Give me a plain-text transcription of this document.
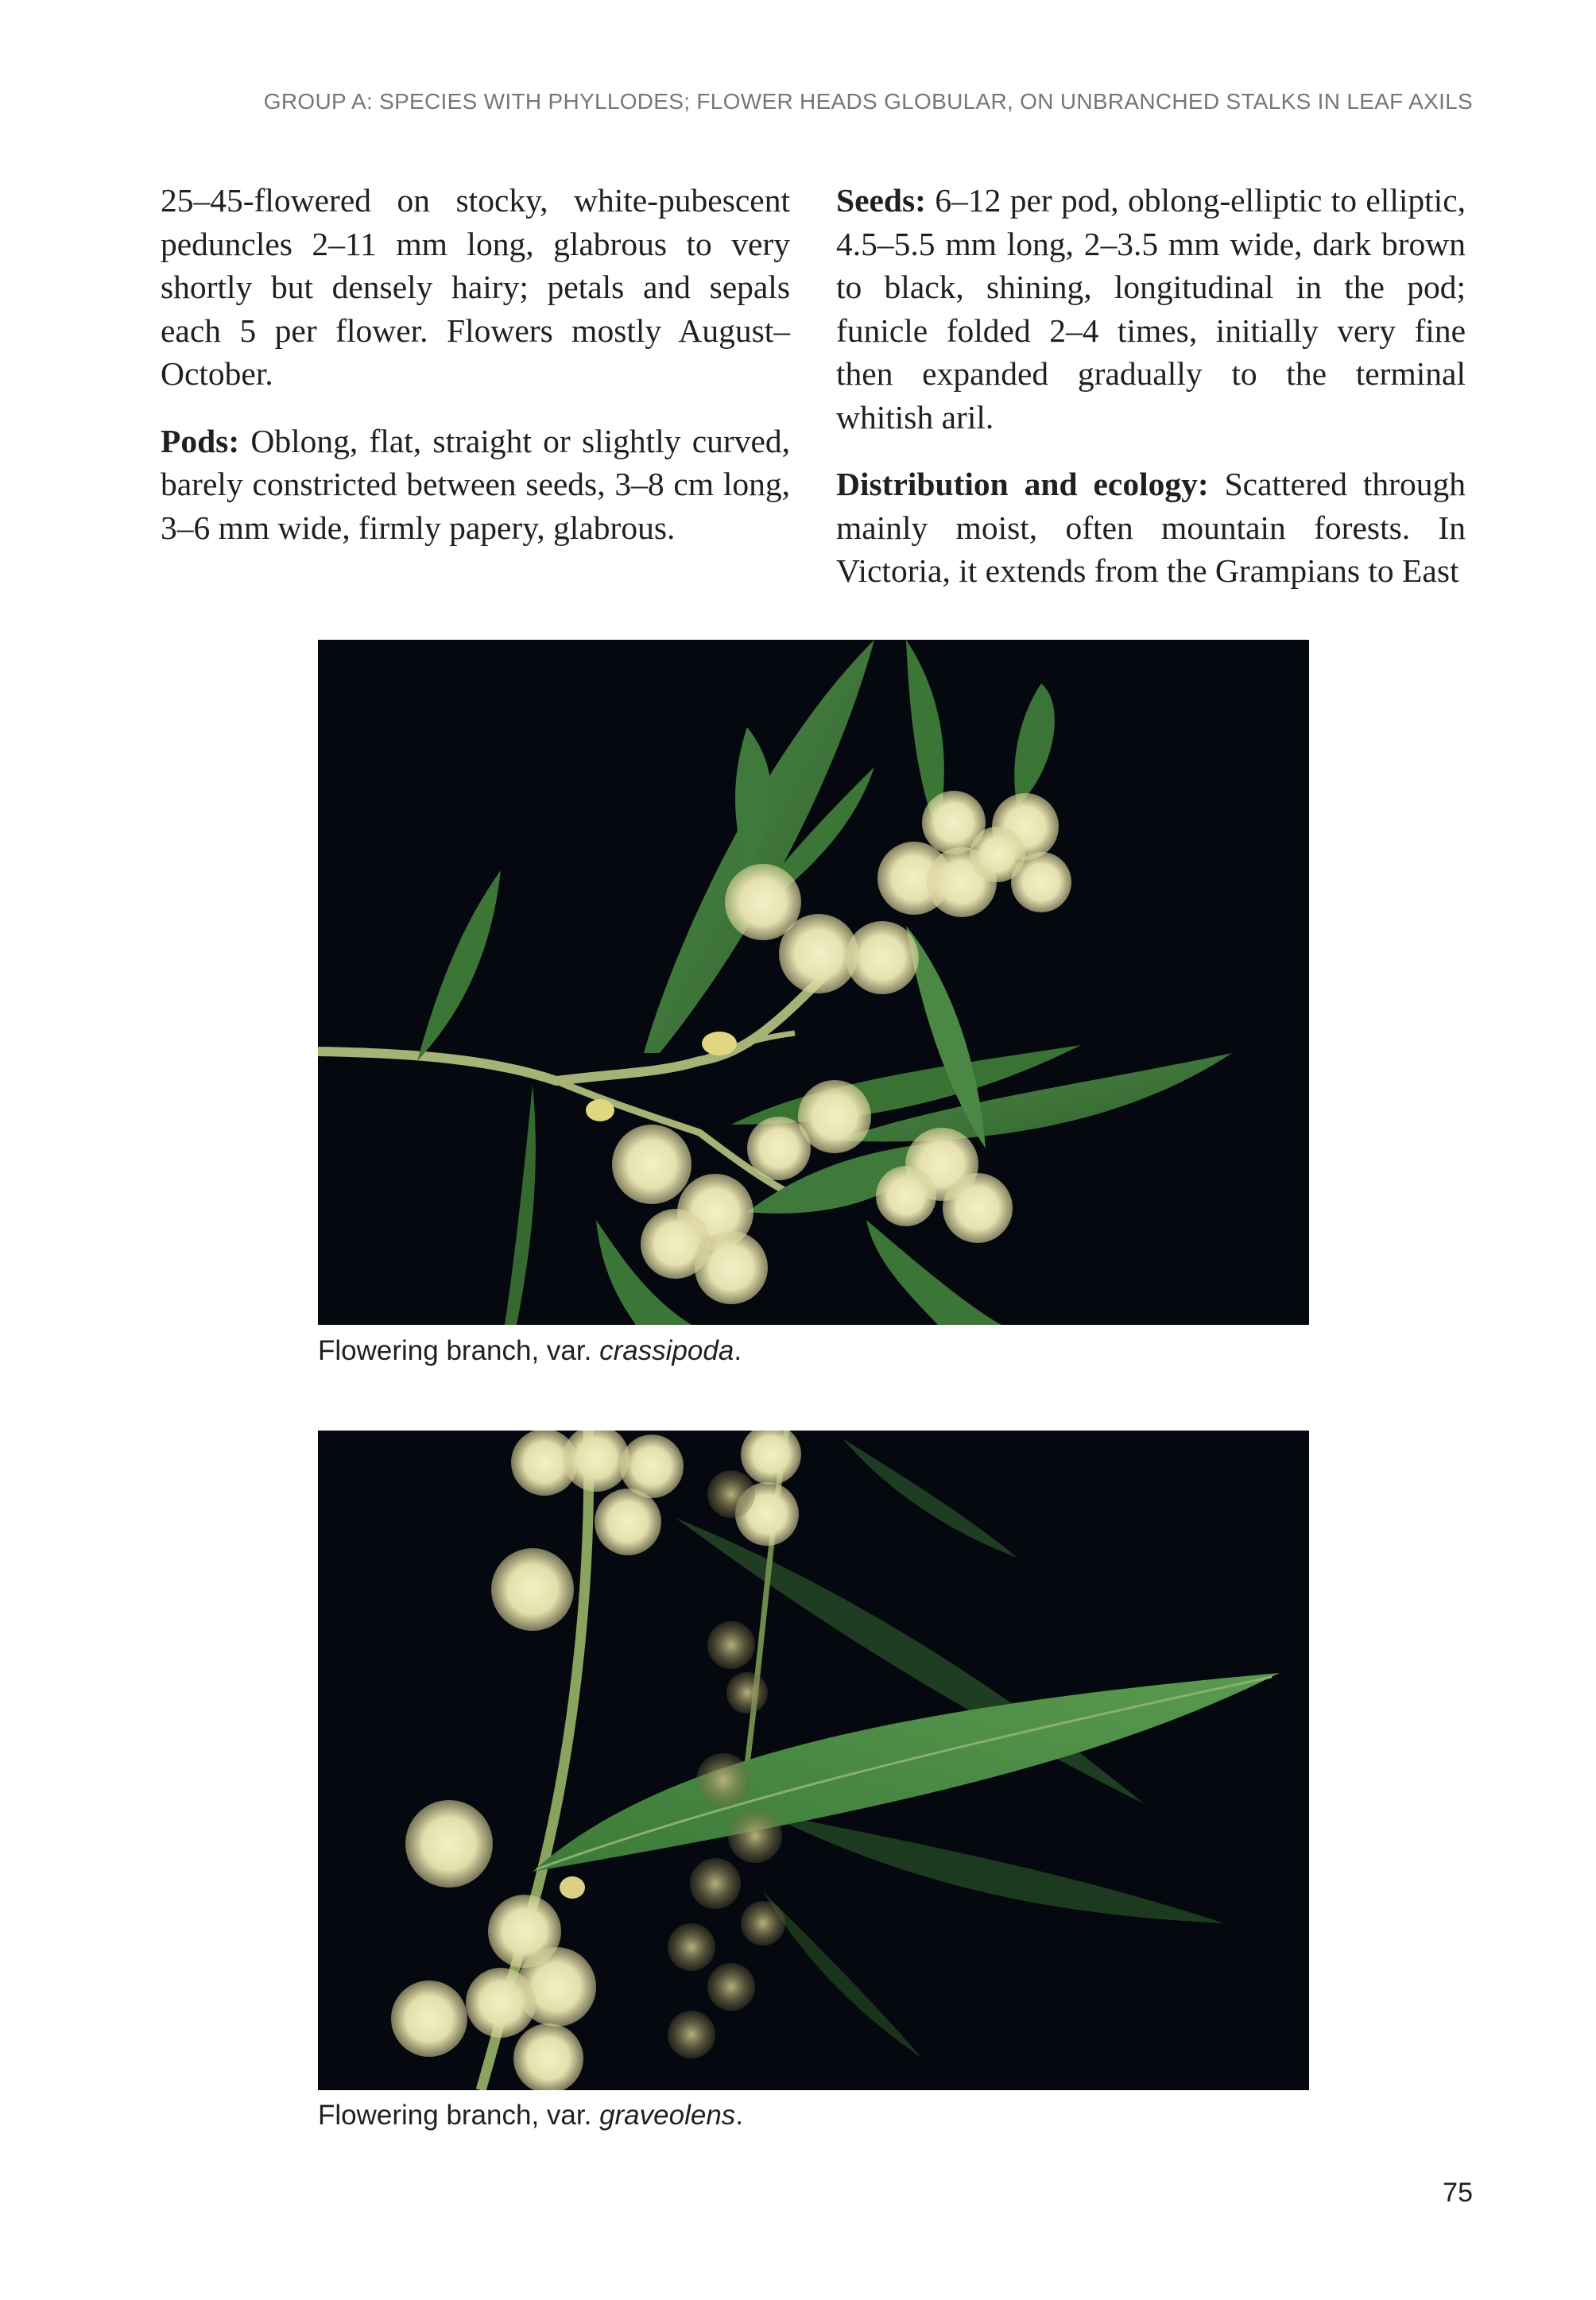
GROUP A: SPECIES WITH PHYLLODES; FLOWER HEADS GLOBULAR, ON UNBRANCHED STALKS IN LEAF AXILS

25–45-flowered on stocky, white-pubescent peduncles 2–11 mm long, glabrous to very shortly but densely hairy; petals and sepals each 5 per flower. Flowers mostly August–October.

Pods: Oblong, flat, straight or slightly curved, barely constricted between seeds, 3–8 cm long, 3–6 mm wide, firmly papery, glabrous.

Seeds: 6–12 per pod, oblong-elliptic to elliptic, 4.5–5.5 mm long, 2–3.5 mm wide, dark brown to black, shining, longitudinal in the pod; funicle folded 2–4 times, initially very fine then expanded gradually to the terminal whitish aril.

Distribution and ecology: Scattered through mainly moist, often mountain forests. In Victoria, it extends from the Grampians to East

Flowering branch, var. crassipoda.
Flowering branch, var. graveolens.
75
